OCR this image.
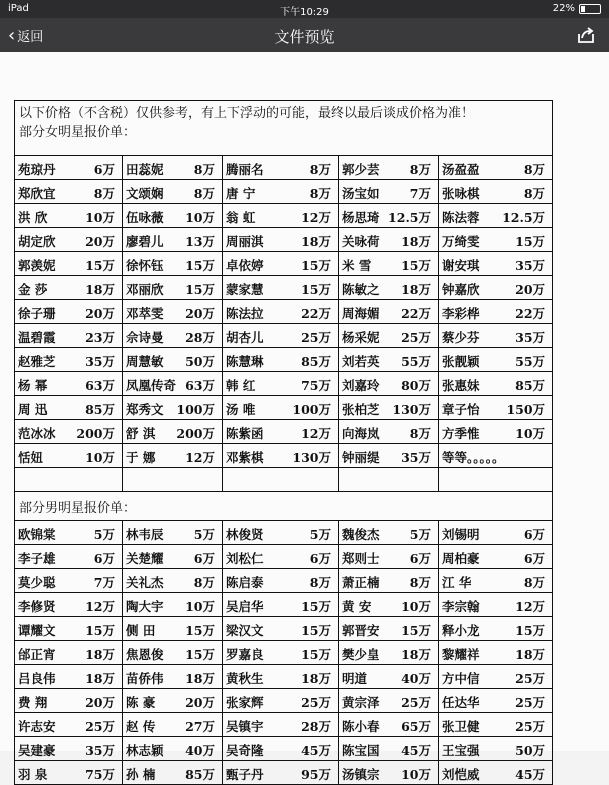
iPad	下午10:29	22%
‹ 返回	文件预览
以下价格（不含税）仅供参考，有上下浮动的可能，最终以最后谈成价格为准！
部分女明星报价单：				

苑琼丹 6万	田蕊妮 8万	腾丽名 8万	郭少芸 8万	汤盈盈 8万

郑欣宜 8万	文颂娴 8万	唐 宁 8万	汤宝如 7万	张咏棋 8万

洪 欣 10万	伍咏薇 10万	翁 虹 12万	杨思琦 12.5万	陈法蓉 12.5万

胡定欣 20万	廖碧儿 13万	周丽淇 18万	关咏荷 18万	万绮雯 15万

郭羡妮 15万	徐怀钰 15万	卓依婷 15万	米 雪 15万	谢安琪 35万

金 莎 18万	邓丽欣 15万	蒙家慧 15万	陈敏之 18万	钟嘉欣 20万

徐子珊 20万	邓萃雯 20万	陈法拉 22万	周海媚 22万	李彩桦 22万

温碧霞 23万	佘诗曼 28万	胡杏儿 25万	杨采妮 25万	蔡少芬 35万

赵雅芝 35万	周慧敏 50万	陈慧琳 85万	刘若英 55万	张靓颖 55万

杨 幂 63万	凤凰传奇 63万	韩 红 75万	刘嘉玲 80万	张惠妹 85万

周 迅 85万	郑秀文 100万	汤 唯 100万	张柏芝 130万	章子怡 150万

范冰冰 200万	舒 淇 200万	陈紫函 12万	向海岚 8万	方季惟 10万

恬妞 10万	于 娜 12万	邓紫棋 130万	钟丽缇 35万	等等。。。。。

部分男明星报价单：				

欧锦棠 5万	林韦辰 5万	林俊贤 5万	魏俊杰 5万	刘锡明 6万

李子雄 6万	关楚耀 6万	刘松仁 6万	郑则士 6万	周柏豪 6万

莫少聪 7万	关礼杰 8万	陈启泰 8万	萧正楠 8万	江 华 8万

李修贤 12万	陶大宇 10万	吴启华 15万	黄 安 10万	李宗翰 12万

谭耀文 15万	侧 田 15万	梁汉文 15万	郭晋安 15万	释小龙 15万

邰正宵 18万	焦恩俊 15万	罗嘉良 15万	樊少皇 18万	黎耀祥 18万

吕良伟 18万	苗侨伟 18万	黄秋生 18万	明道 40万	方中信 25万

费 翔 20万	陈 豪 20万	张家辉 25万	黄宗泽 25万	任达华 25万

许志安 25万	赵 传 27万	吴镇宇 28万	陈小春 65万	张卫健 25万

吴建豪 35万	林志颖 40万	吴奇隆 45万	陈宝国 45万	王宝强 50万

羽 泉 75万	孙 楠 85万	甄子丹 95万	汤镇宗 10万	刘恺威 45万
